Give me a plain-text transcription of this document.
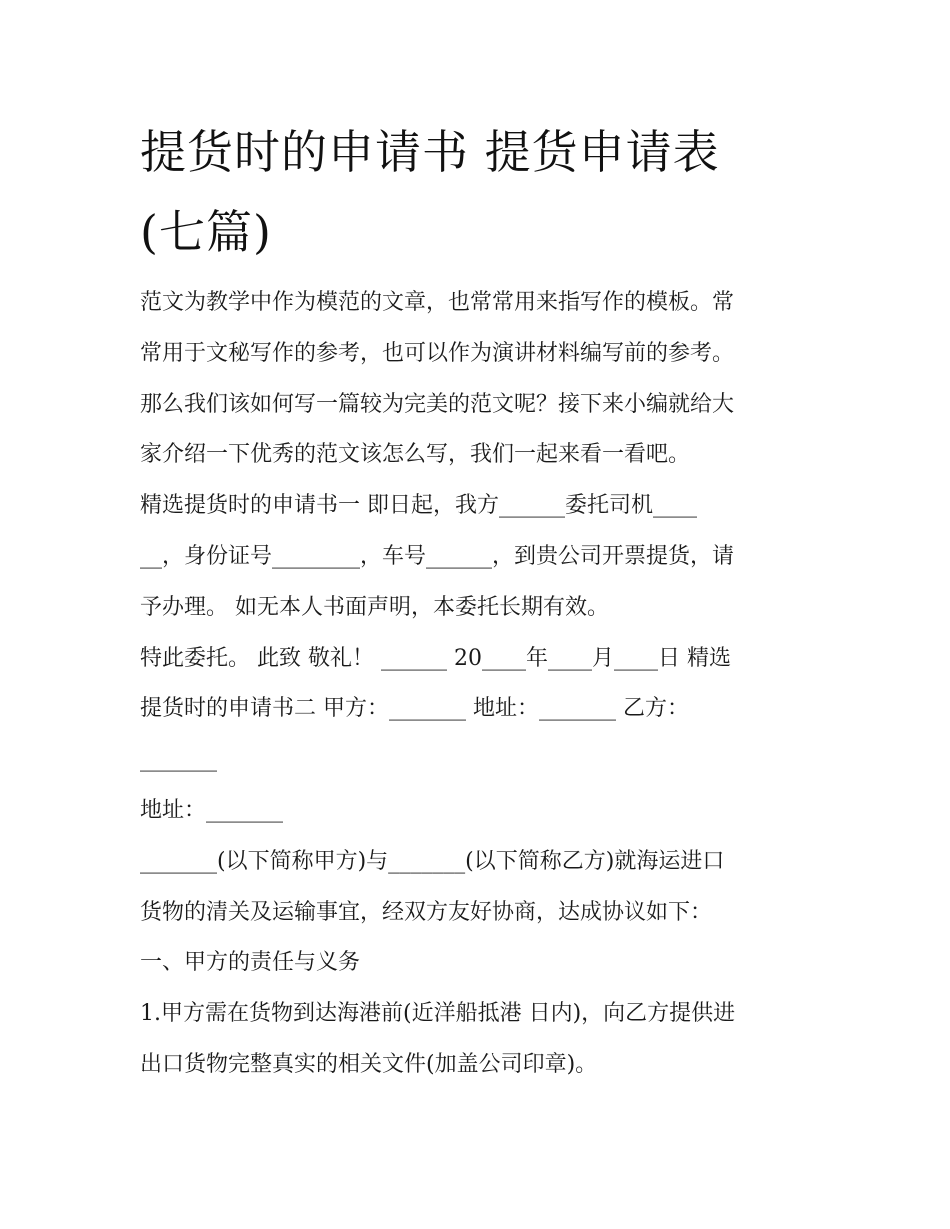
提货时的申请书 提货申请表
(七篇)
范文为教学中作为模范的文章，也常常用来指写作的模板。常
常用于文秘写作的参考，也可以作为演讲材料编写前的参考。
那么我们该如何写一篇较为完美的范文呢？接下来小编就给大
家介绍一下优秀的范文该怎么写，我们一起来看一看吧。
精选提货时的申请书一 即日起，我方______委托司机____
__，身份证号________，车号______，到贵公司开票提货，请
予办理。 如无本人书面声明，本委托长期有效。
特此委托。 此致 敬礼！ ______ 20____年____月____日 精选
提货时的申请书二 甲方：_______ 地址：_______ 乙方：
_______
地址：_______
_______(以下简称甲方)与_______(以下简称乙方)就海运进口
货物的清关及运输事宜，经双方友好协商，达成协议如下：
一、甲方的责任与义务
1.甲方需在货物到达海港前(近洋船抵港 日内)，向乙方提供进
出口货物完整真实的相关文件(加盖公司印章)。
